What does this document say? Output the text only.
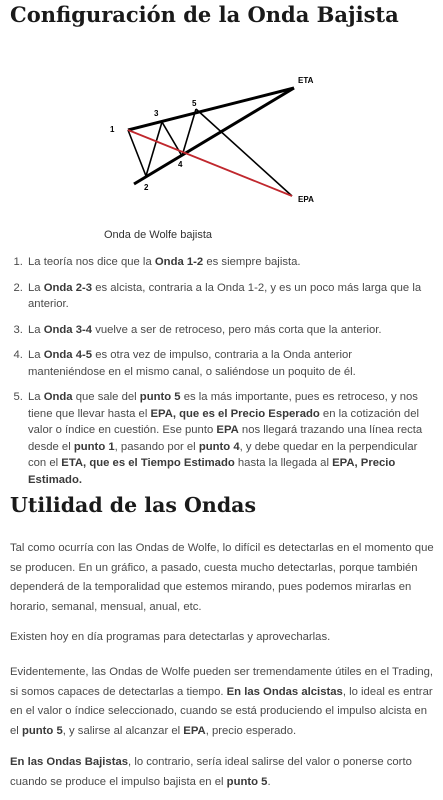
Configuración de la Onda Bajista
1
2
3
4
5
ETA
EPA
Onda de Wolfe bajista
1. La teoría nos dice que la Onda 1-2 es siempre bajista.
2. La Onda 2-3 es alcista, contraria a la Onda 1-2, y es un poco más larga que la anterior.
3. La Onda 3-4 vuelve a ser de retroceso, pero más corta que la anterior.
4. La Onda 4-5 es otra vez de impulso, contraria a la Onda anterior manteniéndose en el mismo canal, o saliéndose un poquito de él.
5. La Onda que sale del punto 5 es la más importante, pues es retroceso, y nos tiene que llevar hasta el EPA, que es el Precio Esperado en la cotización del valor o índice en cuestión. Ese punto EPA nos llegará trazando una línea recta desde el punto 1, pasando por el punto 4, y debe quedar en la perpendicular con el ETA, que es el Tiempo Estimado hasta la llegada al EPA, Precio Estimado.
Utilidad de las Ondas

Tal como ocurría con las Ondas de Wolfe, lo difícil es detectarlas en el momento que se producen. En un gráfico, a pasado, cuesta mucho detectarlas, porque también dependerá de la temporalidad que estemos mirando, pues podemos mirarlas en horario, semanal, mensual, anual, etc.

Existen hoy en día programas para detectarlas y aprovecharlas.

Evidentemente, las Ondas de Wolfe pueden ser tremendamente útiles en el Trading, si somos capaces de detectarlas a tiempo. En las Ondas alcistas, lo ideal es entrar en el valor o índice seleccionado, cuando se está produciendo el impulso alcista en el punto 5, y salirse al alcanzar el EPA, precio esperado.

En las Ondas Bajistas, lo contrario, sería ideal salirse del valor o ponerse corto cuando se produce el impulso bajista en el punto 5.
